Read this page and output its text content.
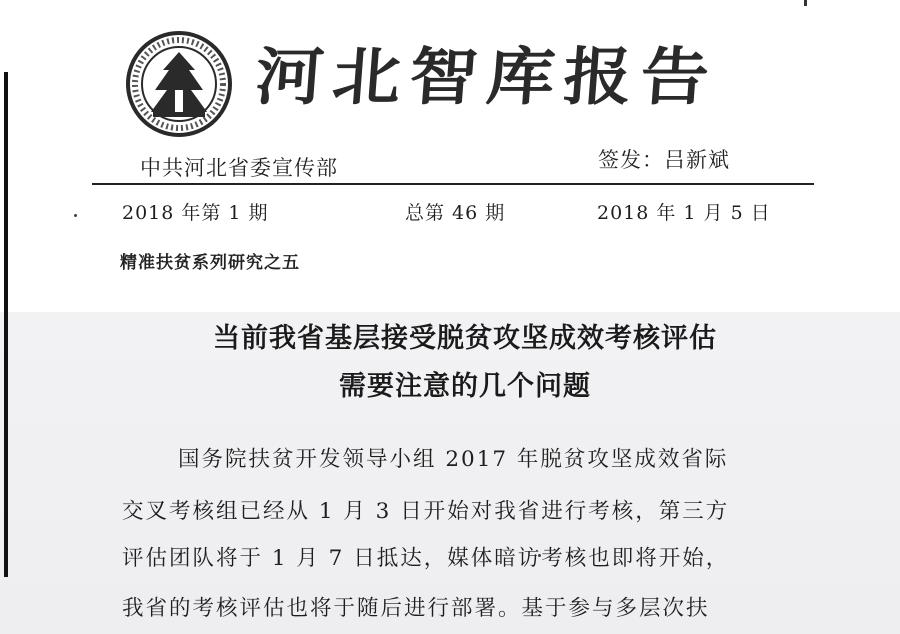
河 北 智 库 报 告
中共河北省委宣传部	签发：吕新斌
2018 年第 1 期	总第 46 期	2018 年 1 月 5 日
精准扶贫系列研究之五
当前我省基层接受脱贫攻坚成效考核评估
需要注意的几个问题
国务院扶贫开发领导小组 2017 年脱贫攻坚成效省际
交叉考核组已经从 1 月 3 日开始对我省进行考核，第三方
评估团队将于 1 月 7 日抵达，媒体暗访考核也即将开始，
我省的考核评估也将于随后进行部署。基于参与多层次扶
